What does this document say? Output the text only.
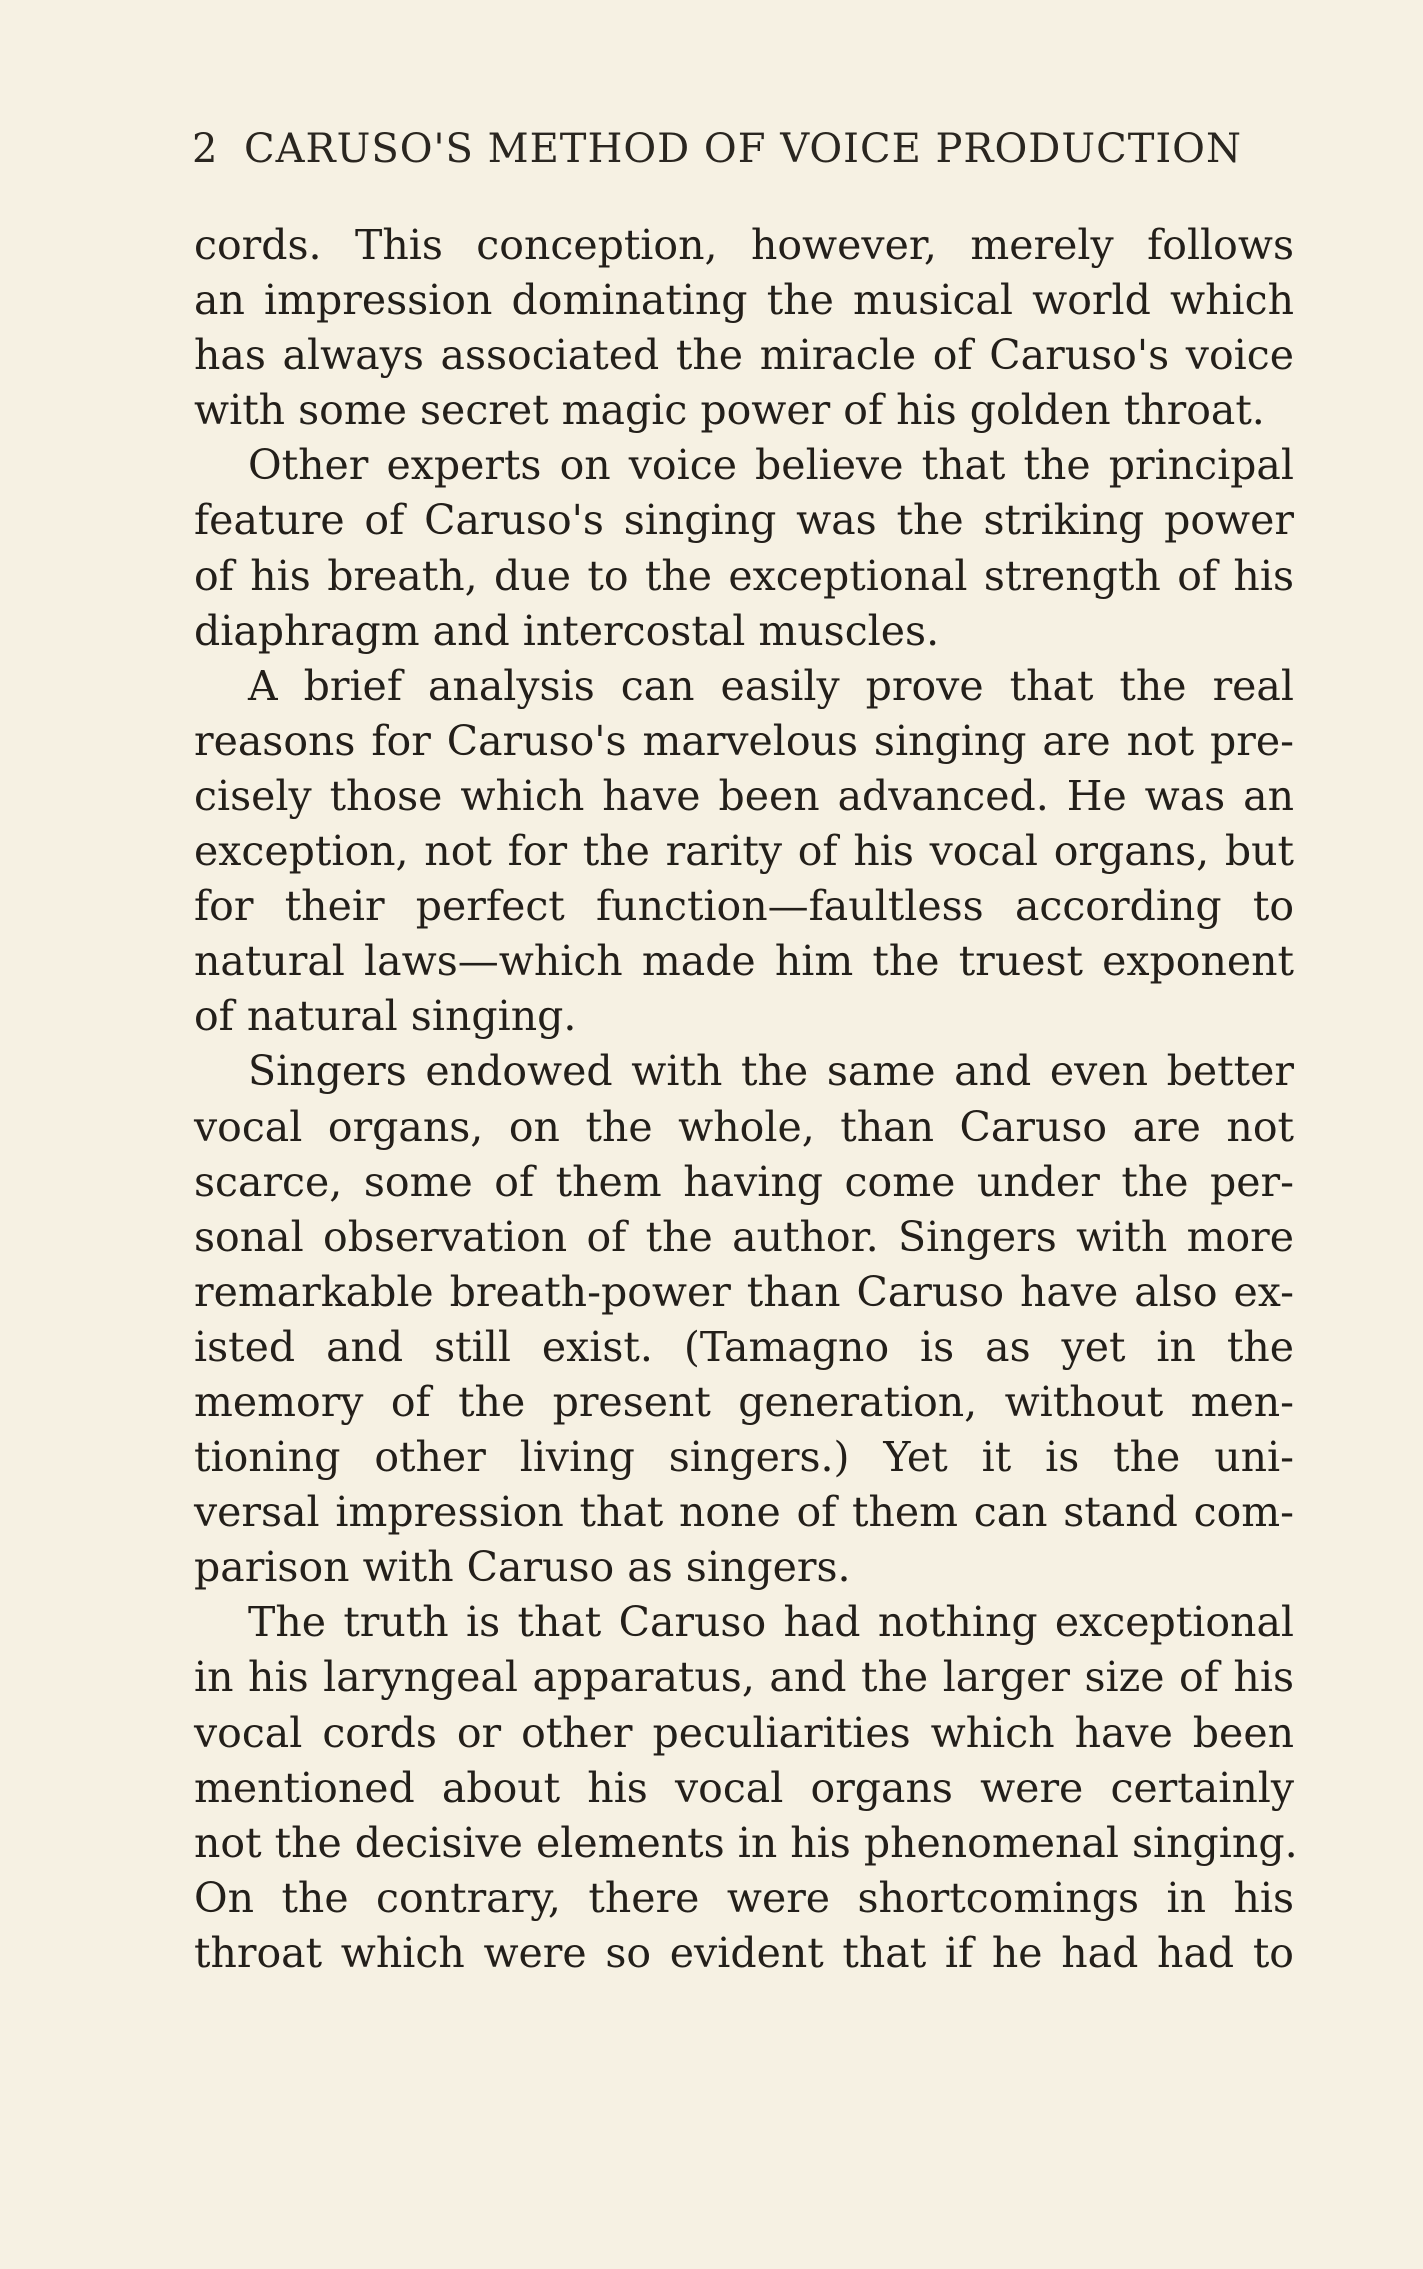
2 CARUSO'S METHOD OF VOICE PRODUCTION
cords. This conception, however, merely follows
an impression dominating the musical world which
has always associated the miracle of Caruso's voice
with some secret magic power of his golden throat.
Other experts on voice believe that the principal
feature of Caruso's singing was the striking power
of his breath, due to the exceptional strength of his
diaphragm and intercostal muscles.
A brief analysis can easily prove that the real
reasons for Caruso's marvelous singing are not pre-
cisely those which have been advanced. He was an
exception, not for the rarity of his vocal organs, but
for their perfect function—faultless according to
natural laws—which made him the truest exponent
of natural singing.
Singers endowed with the same and even better
vocal organs, on the whole, than Caruso are not
scarce, some of them having come under the per-
sonal observation of the author. Singers with more
remarkable breath-power than Caruso have also ex-
isted and still exist. (Tamagno is as yet in the
memory of the present generation, without men-
tioning other living singers.) Yet it is the uni-
versal impression that none of them can stand com-
parison with Caruso as singers.
The truth is that Caruso had nothing exceptional
in his laryngeal apparatus, and the larger size of his
vocal cords or other peculiarities which have been
mentioned about his vocal organs were certainly
not the decisive elements in his phenomenal singing.
On the contrary, there were shortcomings in his
throat which were so evident that if he had had to
